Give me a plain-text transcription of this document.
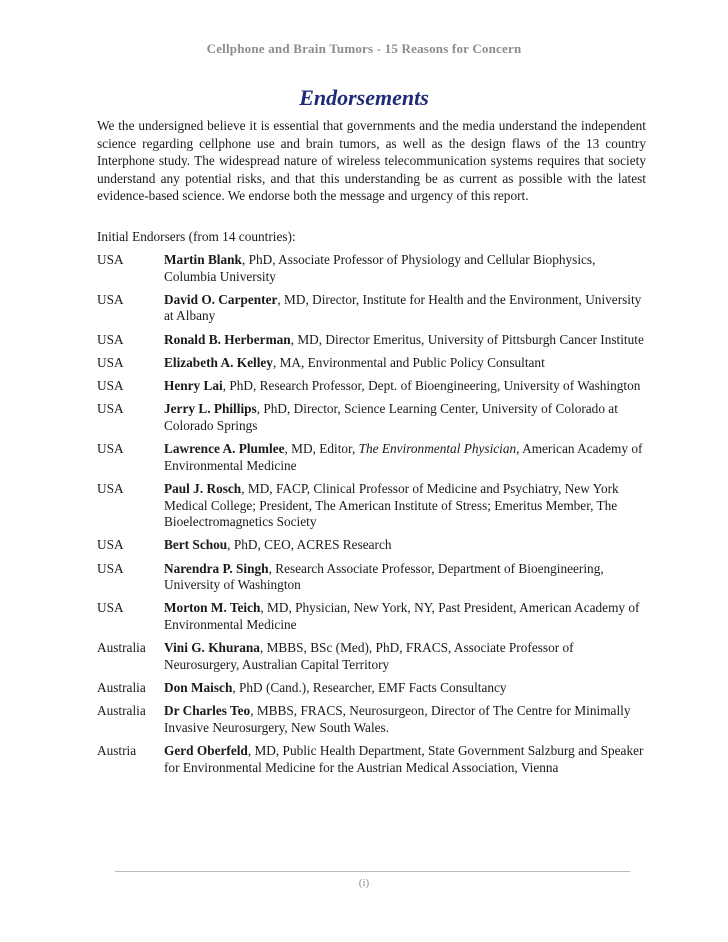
Cellphone and Brain Tumors - 15 Reasons for Concern
Endorsements

We the undersigned believe it is essential that governments and the media understand the independent science regarding cellphone use and brain tumors, as well as the design flaws of the 13 country Interphone study. The widespread nature of wireless telecommunication systems requires that society understand any potential risks, and that this understanding be as current as possible with the latest evidence-based science. We endorse both the message and urgency of this report.

Initial Endorsers (from 14 countries):

USA	Martin Blank, PhD, Associate Professor of Physiology and Cellular Biophysics, Columbia University
USA	David O. Carpenter, MD, Director, Institute for Health and the Environment, University at Albany
USA	Ronald B. Herberman, MD, Director Emeritus, University of Pittsburgh Cancer Institute
USA	Elizabeth A. Kelley, MA, Environmental and Public Policy Consultant
USA	Henry Lai, PhD, Research Professor, Dept. of Bioengineering, University of Washington
USA	Jerry L. Phillips, PhD, Director, Science Learning Center, University of Colorado at Colorado Springs
USA	Lawrence A. Plumlee, MD, Editor, The Environmental Physician, American Academy of Environmental Medicine
USA	Paul J. Rosch, MD, FACP, Clinical Professor of Medicine and Psychiatry, New York Medical College; President, The American Institute of Stress; Emeritus Member, The Bioelectromagnetics Society
USA	Bert Schou, PhD, CEO, ACRES Research
USA	Narendra P. Singh, Research Associate Professor, Department of Bioengineering, University of Washington
USA	Morton M. Teich, MD, Physician, New York, NY, Past President, American Academy of Environmental Medicine
Australia	Vini G. Khurana, MBBS, BSc (Med), PhD, FRACS, Associate Professor of Neurosurgery, Australian Capital Territory
Australia	Don Maisch, PhD (Cand.), Researcher, EMF Facts Consultancy
Australia	Dr Charles Teo, MBBS, FRACS, Neurosurgeon, Director of The Centre for Minimally Invasive Neurosurgery, New South Wales.
Austria	Gerd Oberfeld, MD, Public Health Department, State Government Salzburg and Speaker for Environmental Medicine for the Austrian Medical Association, Vienna
(i)
